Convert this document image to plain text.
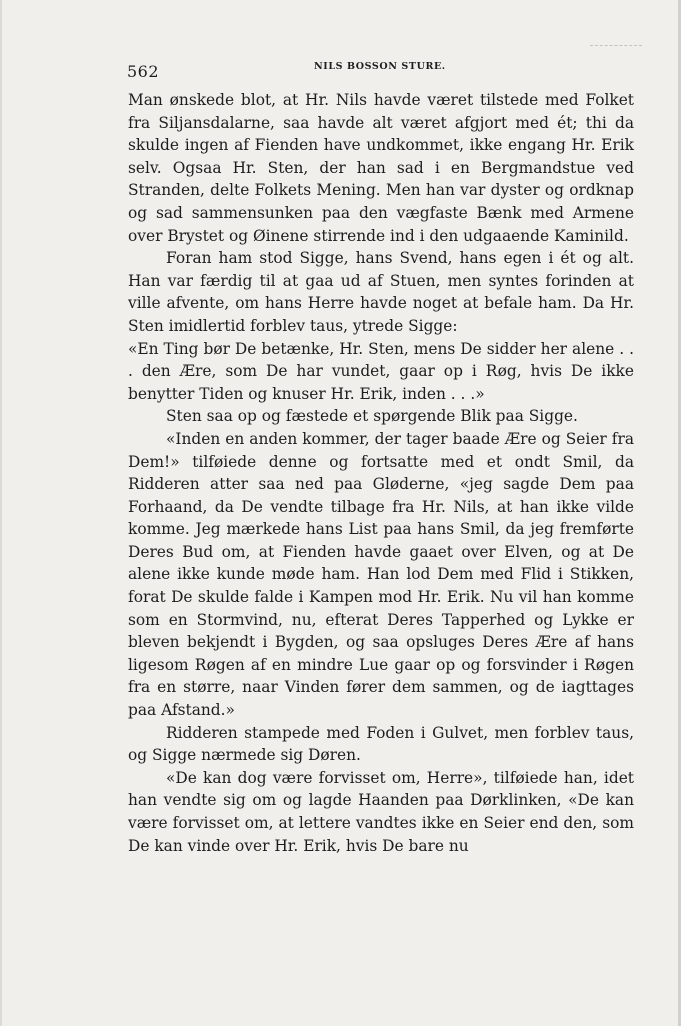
562	NILS BOSSON STURE.

Man ønskede blot, at Hr. Nils havde været tilstede med Folket fra Siljansdalarne, saa havde alt været afgjort med ét; thi da skulde ingen af Fienden have undkommet, ikke engang Hr. Erik selv. Ogsaa Hr. Sten, der han sad i en Bergmandstue ved Stranden, delte Folkets Mening. Men han var dyster og ordknap og sad sammensunken paa den vægfaste Bænk med Armene over Brystet og Øinene stirrende ind i den udgaaende Kaminild.

Foran ham stod Sigge, hans Svend, hans egen i ét og alt. Han var færdig til at gaa ud af Stuen, men syntes forinden at ville afvente, om hans Herre havde noget at befale ham. Da Hr. Sten imidlertid forblev taus, ytrede Sigge:

«En Ting bør De betænke, Hr. Sten, mens De sidder her alene . . . den Ære, som De har vundet, gaar op i Røg, hvis De ikke benytter Tiden og knuser Hr. Erik, inden . . .»

Sten saa op og fæstede et spørgende Blik paa Sigge.

«Inden en anden kommer, der tager baade Ære og Seier fra Dem!» tilføiede denne og fortsatte med et ondt Smil, da Ridderen atter saa ned paa Gløderne, «jeg sagde Dem paa Forhaand, da De vendte tilbage fra Hr. Nils, at han ikke vilde komme. Jeg mærkede hans List paa hans Smil, da jeg fremførte Deres Bud om, at Fienden havde gaaet over Elven, og at De alene ikke kunde møde ham. Han lod Dem med Flid i Stikken, forat De skulde falde i Kampen mod Hr. Erik. Nu vil han komme som en Stormvind, nu, efterat Deres Tapperhed og Lykke er bleven bekjendt i Bygden, og saa opsluges Deres Ære af hans ligesom Røgen af en mindre Lue gaar op og forsvinder i Røgen fra en større, naar Vinden fører dem sammen, og de iagttages paa Afstand.»

Ridderen stampede med Foden i Gulvet, men forblev taus, og Sigge nærmede sig Døren.

«De kan dog være forvisset om, Herre», tilføiede han, idet han vendte sig om og lagde Haanden paa Dørklinken, «De kan være forvisset om, at lettere vandtes ikke en Seier end den, som De kan vinde over Hr. Erik, hvis De bare nu
